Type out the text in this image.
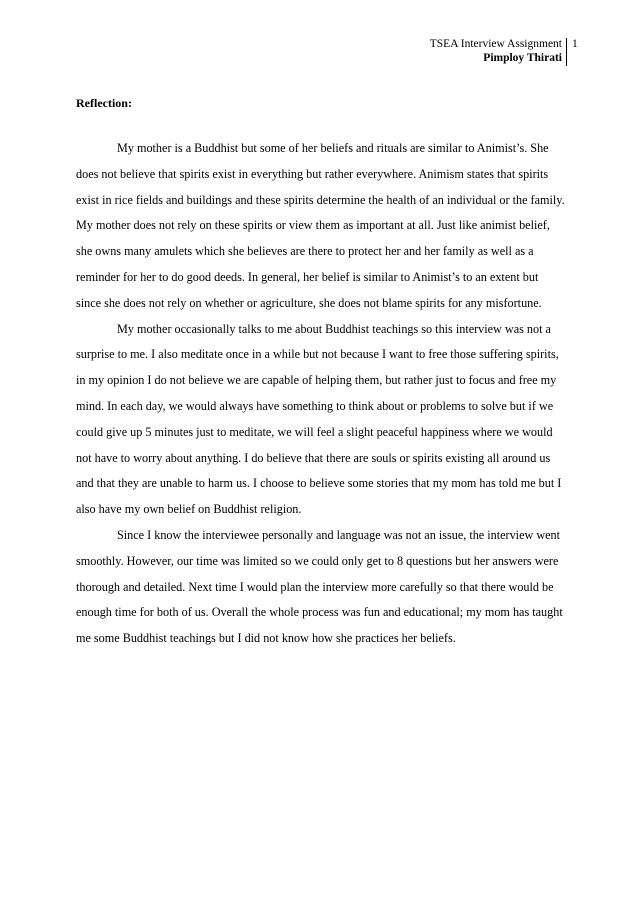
TSEA Interview Assignment
Pimploy Thirati
1
Reflection:

My mother is a Buddhist but some of her beliefs and rituals are similar to Animist’s. She does not believe that spirits exist in everything but rather everywhere. Animism states that spirits exist in rice fields and buildings and these spirits determine the health of an individual or the family. My mother does not rely on these spirits or view them as important at all. Just like animist belief, she owns many amulets which she believes are there to protect her and her family as well as a reminder for her to do good deeds. In general, her belief is similar to Animist’s to an extent but since she does not rely on whether or agriculture, she does not blame spirits for any misfortune.

My mother occasionally talks to me about Buddhist teachings so this interview was not a surprise to me. I also meditate once in a while but not because I want to free those suffering spirits, in my opinion I do not believe we are capable of helping them, but rather just to focus and free my mind. In each day, we would always have something to think about or problems to solve but if we could give up 5 minutes just to meditate, we will feel a slight peaceful happiness where we would not have to worry about anything. I do believe that there are souls or spirits existing all around us and that they are unable to harm us. I choose to believe some stories that my mom has told me but I also have my own belief on Buddhist religion.

Since I know the interviewee personally and language was not an issue, the interview went smoothly. However, our time was limited so we could only get to 8 questions but her answers were thorough and detailed. Next time I would plan the interview more carefully so that there would be enough time for both of us. Overall the whole process was fun and educational; my mom has taught me some Buddhist teachings but I did not know how she practices her beliefs.
